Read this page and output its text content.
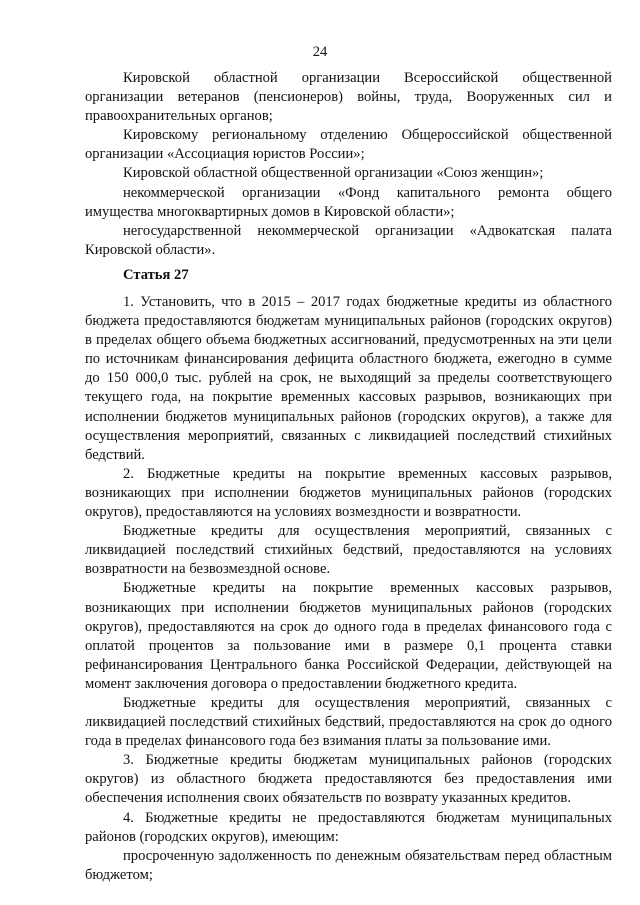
24

Кировской областной организации Всероссийской общественной организации ветеранов (пенсионеров) войны, труда, Вооруженных сил и правоохранительных органов;

Кировскому региональному отделению Общероссийской общественной организации «Ассоциация юристов России»;

Кировской областной общественной организации «Союз женщин»;

некоммерческой организации «Фонд капитального ремонта общего имущества многоквартирных домов в Кировской области»;

негосударственной некоммерческой организации «Адвокатская палата Кировской области».

Статья 27

1. Установить, что в 2015 – 2017 годах бюджетные кредиты из областного бюджета предоставляются бюджетам муниципальных районов (городских округов) в пределах общего объема бюджетных ассигнований, предусмотренных на эти цели по источникам финансирования дефицита областного бюджета, ежегодно в сумме до 150 000,0 тыс. рублей на срок, не выходящий за пределы соответствующего текущего года, на покрытие временных кассовых разрывов, возникающих при исполнении бюджетов муниципальных районов (городских округов), а также для осуществления мероприятий, связанных с ликвидацией последствий стихийных бедствий.

2. Бюджетные кредиты на покрытие временных кассовых разрывов, возникающих при исполнении бюджетов муниципальных районов (городских округов), предоставляются на условиях возмездности и возвратности.

Бюджетные кредиты для осуществления мероприятий, связанных с ликвидацией последствий стихийных бедствий, предоставляются на условиях возвратности на безвозмездной основе.

Бюджетные кредиты на покрытие временных кассовых разрывов, возникающих при исполнении бюджетов муниципальных районов (городских округов), предоставляются на срок до одного года в пределах финансового года с оплатой процентов за пользование ими в размере 0,1 процента ставки рефинансирования Центрального банка Российской Федерации, действующей на момент заключения договора о предоставлении бюджетного кредита.

Бюджетные кредиты для осуществления мероприятий, связанных с ликвидацией последствий стихийных бедствий, предоставляются на срок до одного года в пределах финансового года без взимания платы за пользование ими.

3. Бюджетные кредиты бюджетам муниципальных районов (городских округов) из областного бюджета предоставляются без предоставления ими обеспечения исполнения своих обязательств по возврату указанных кредитов.

4. Бюджетные кредиты не предоставляются бюджетам муниципальных районов (городских округов), имеющим:

просроченную задолженность по денежным обязательствам перед областным бюджетом;
